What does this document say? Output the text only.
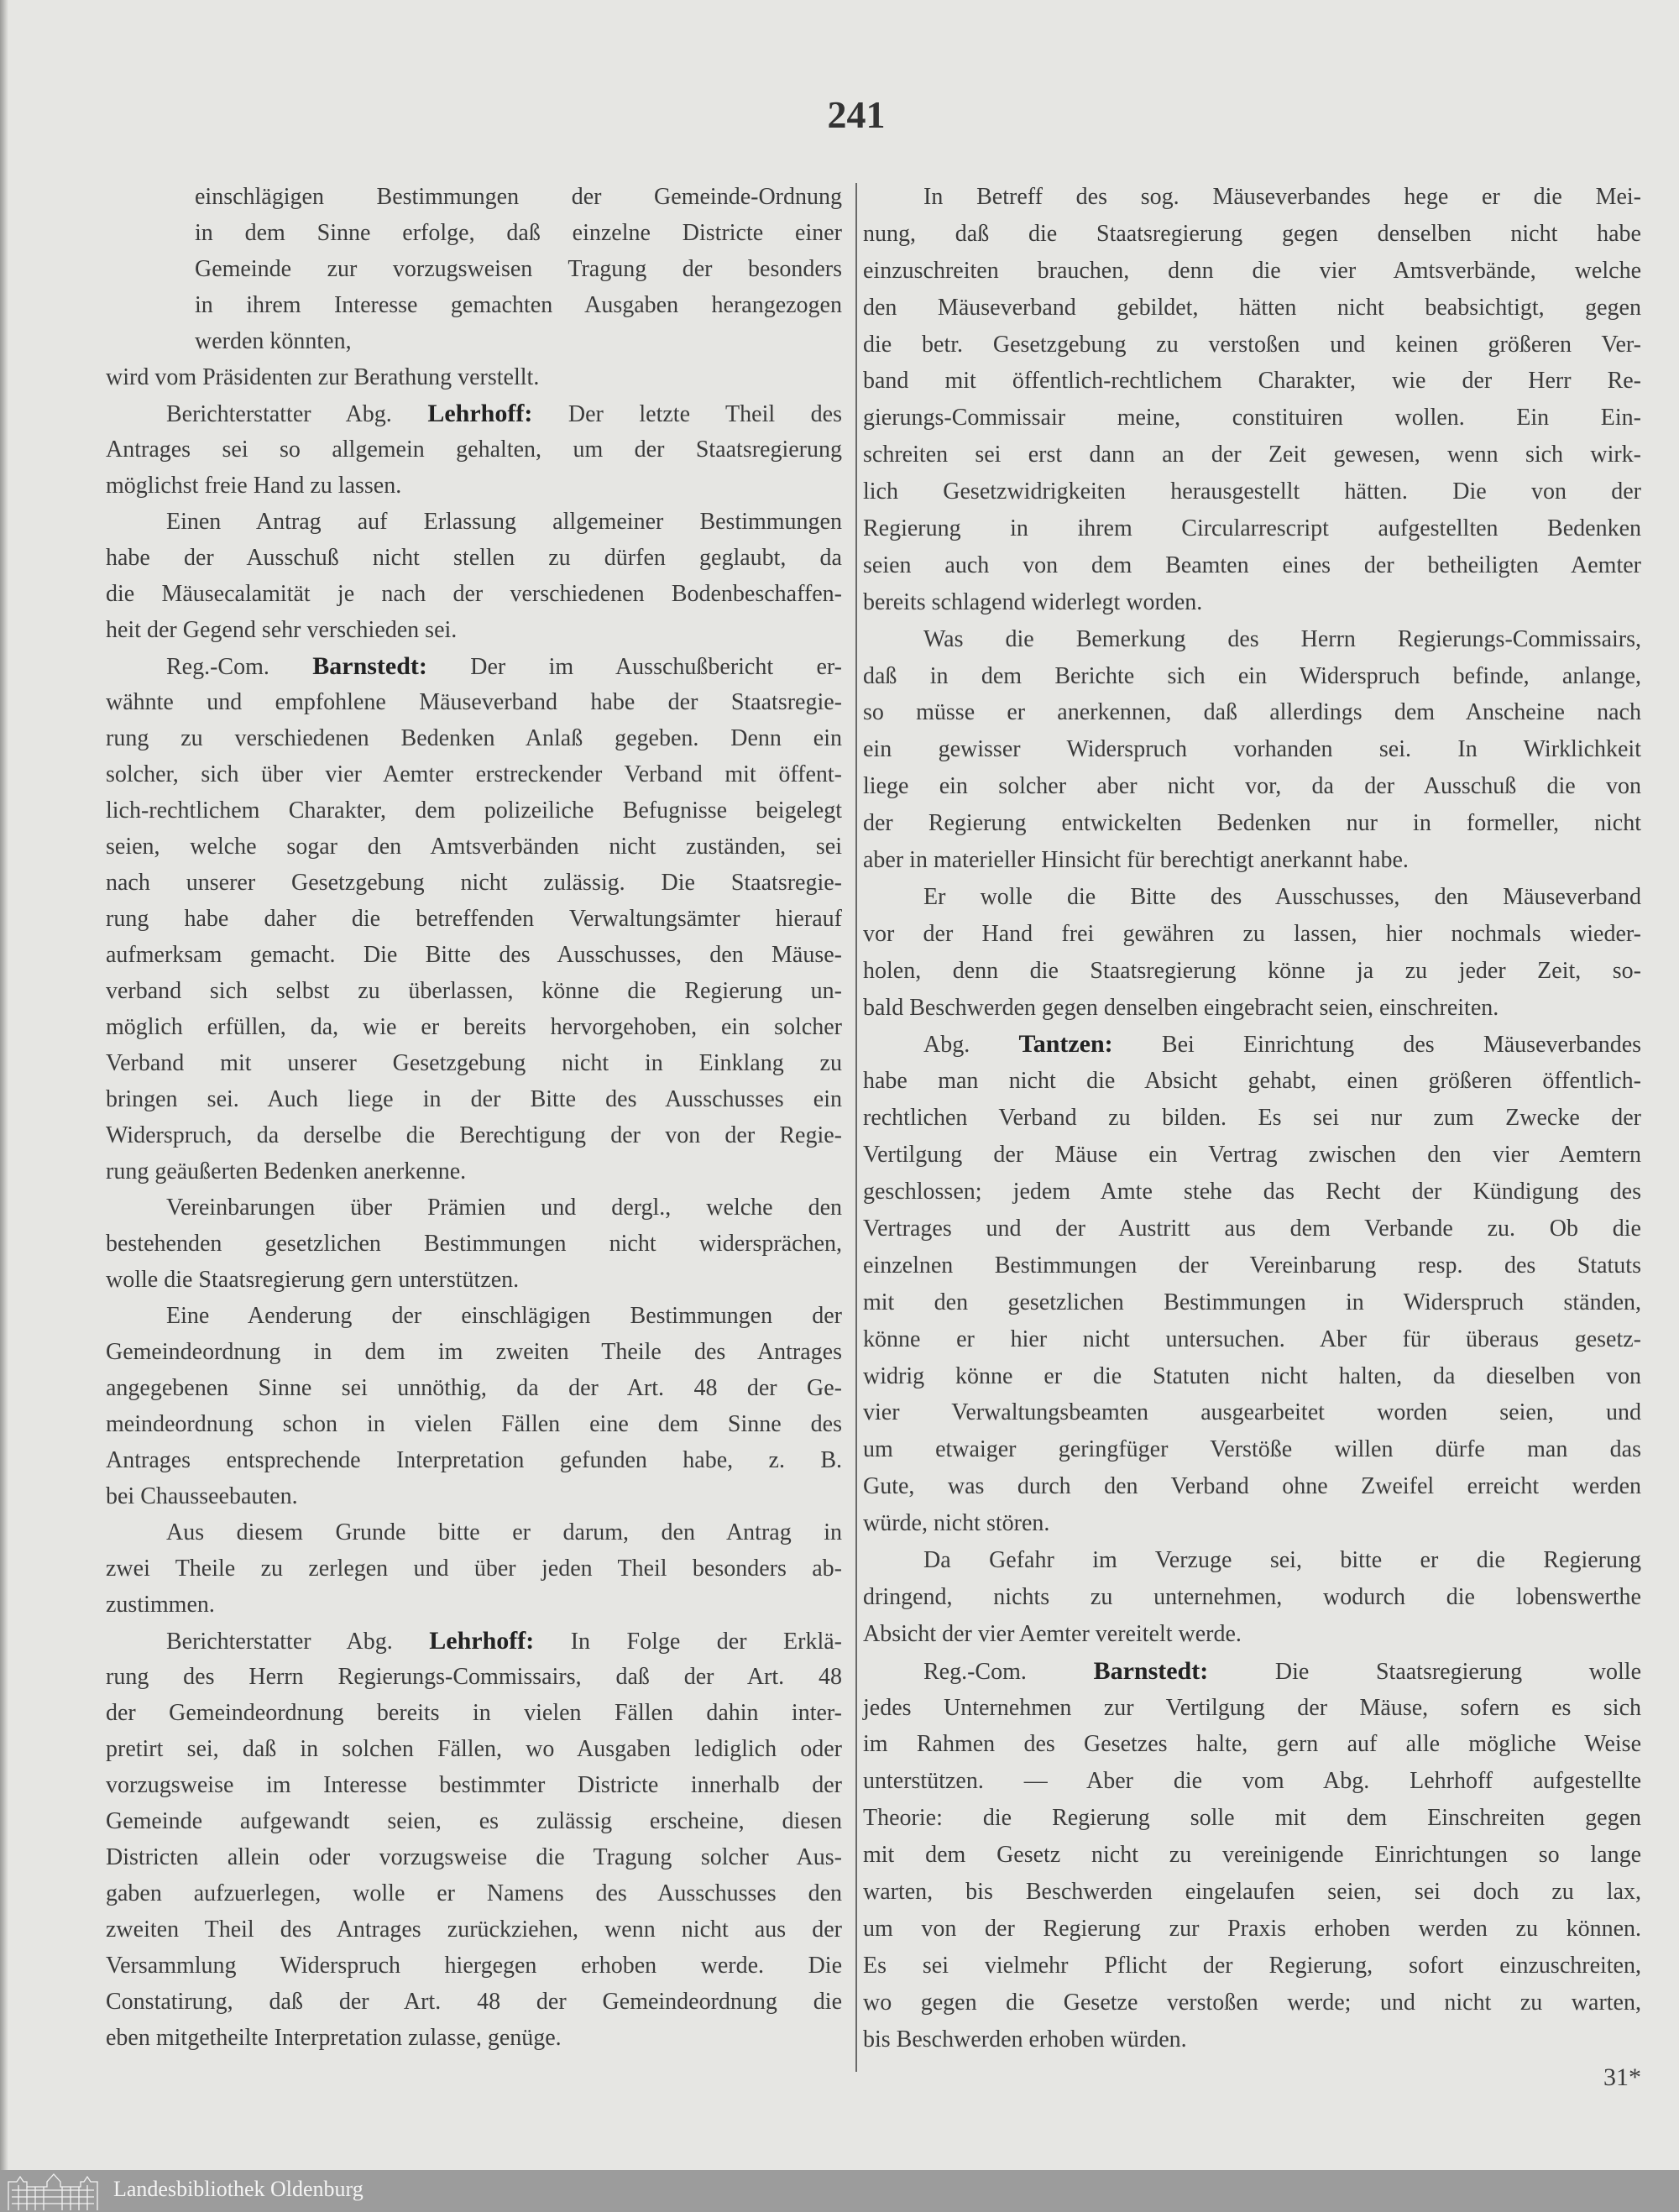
241
einschlägigen Bestimmungen der Gemeinde-Ordnung
in dem Sinne erfolge, daß einzelne Districte einer
Gemeinde zur vorzugsweisen Tragung der besonders
in ihrem Interesse gemachten Ausgaben herangezogen
werden könnten,
wird vom Präsidenten zur Berathung verstellt.
Berichterstatter Abg. Lehrhoff: Der letzte Theil des
Antrages sei so allgemein gehalten, um der Staatsregierung
möglichst freie Hand zu lassen.
Einen Antrag auf Erlassung allgemeiner Bestimmungen
habe der Ausschuß nicht stellen zu dürfen geglaubt, da
die Mäusecalamität je nach der verschiedenen Bodenbeschaffen-
heit der Gegend sehr verschieden sei.
Reg.-Com. Barnstedt: Der im Ausschußbericht er-
wähnte und empfohlene Mäuseverband habe der Staatsregie-
rung zu verschiedenen Bedenken Anlaß gegeben. Denn ein
solcher, sich über vier Aemter erstreckender Verband mit öffent-
lich-rechtlichem Charakter, dem polizeiliche Befugnisse beigelegt
seien, welche sogar den Amtsverbänden nicht zuständen, sei
nach unserer Gesetzgebung nicht zulässig. Die Staatsregie-
rung habe daher die betreffenden Verwaltungsämter hierauf
aufmerksam gemacht. Die Bitte des Ausschusses, den Mäuse-
verband sich selbst zu überlassen, könne die Regierung un-
möglich erfüllen, da, wie er bereits hervorgehoben, ein solcher
Verband mit unserer Gesetzgebung nicht in Einklang zu
bringen sei. Auch liege in der Bitte des Ausschusses ein
Widerspruch, da derselbe die Berechtigung der von der Regie-
rung geäußerten Bedenken anerkenne.
Vereinbarungen über Prämien und dergl., welche den
bestehenden gesetzlichen Bestimmungen nicht widersprächen,
wolle die Staatsregierung gern unterstützen.
Eine Aenderung der einschlägigen Bestimmungen der
Gemeindeordnung in dem im zweiten Theile des Antrages
angegebenen Sinne sei unnöthig, da der Art. 48 der Ge-
meindeordnung schon in vielen Fällen eine dem Sinne des
Antrages entsprechende Interpretation gefunden habe, z. B.
bei Chausseebauten.
Aus diesem Grunde bitte er darum, den Antrag in
zwei Theile zu zerlegen und über jeden Theil besonders ab-
zustimmen.
Berichterstatter Abg. Lehrhoff: In Folge der Erklä-
rung des Herrn Regierungs-Commissairs, daß der Art. 48
der Gemeindeordnung bereits in vielen Fällen dahin inter-
pretirt sei, daß in solchen Fällen, wo Ausgaben lediglich oder
vorzugsweise im Interesse bestimmter Districte innerhalb der
Gemeinde aufgewandt seien, es zulässig erscheine, diesen
Districten allein oder vorzugsweise die Tragung solcher Aus-
gaben aufzuerlegen, wolle er Namens des Ausschusses den
zweiten Theil des Antrages zurückziehen, wenn nicht aus der
Versammlung Widerspruch hiergegen erhoben werde. Die
Constatirung, daß der Art. 48 der Gemeindeordnung die
eben mitgetheilte Interpretation zulasse, genüge.
In Betreff des sog. Mäuseverbandes hege er die Mei-
nung, daß die Staatsregierung gegen denselben nicht habe
einzuschreiten brauchen, denn die vier Amtsverbände, welche
den Mäuseverband gebildet, hätten nicht beabsichtigt, gegen
die betr. Gesetzgebung zu verstoßen und keinen größeren Ver-
band mit öffentlich-rechtlichem Charakter, wie der Herr Re-
gierungs-Commissair meine, constituiren wollen. Ein Ein-
schreiten sei erst dann an der Zeit gewesen, wenn sich wirk-
lich Gesetzwidrigkeiten herausgestellt hätten. Die von der
Regierung in ihrem Circularrescript aufgestellten Bedenken
seien auch von dem Beamten eines der betheiligten Aemter
bereits schlagend widerlegt worden.
Was die Bemerkung des Herrn Regierungs-Commissairs,
daß in dem Berichte sich ein Widerspruch befinde, anlange,
so müsse er anerkennen, daß allerdings dem Anscheine nach
ein gewisser Widerspruch vorhanden sei. In Wirklichkeit
liege ein solcher aber nicht vor, da der Ausschuß die von
der Regierung entwickelten Bedenken nur in formeller, nicht
aber in materieller Hinsicht für berechtigt anerkannt habe.
Er wolle die Bitte des Ausschusses, den Mäuseverband
vor der Hand frei gewähren zu lassen, hier nochmals wieder-
holen, denn die Staatsregierung könne ja zu jeder Zeit, so-
bald Beschwerden gegen denselben eingebracht seien, einschreiten.
Abg. Tantzen: Bei Einrichtung des Mäuseverbandes
habe man nicht die Absicht gehabt, einen größeren öffentlich-
rechtlichen Verband zu bilden. Es sei nur zum Zwecke der
Vertilgung der Mäuse ein Vertrag zwischen den vier Aemtern
geschlossen; jedem Amte stehe das Recht der Kündigung des
Vertrages und der Austritt aus dem Verbande zu. Ob die
einzelnen Bestimmungen der Vereinbarung resp. des Statuts
mit den gesetzlichen Bestimmungen in Widerspruch ständen,
könne er hier nicht untersuchen. Aber für überaus gesetz-
widrig könne er die Statuten nicht halten, da dieselben von
vier Verwaltungsbeamten ausgearbeitet worden seien, und
um etwaiger geringfüger Verstöße willen dürfe man das
Gute, was durch den Verband ohne Zweifel erreicht werden
würde, nicht stören.
Da Gefahr im Verzuge sei, bitte er die Regierung
dringend, nichts zu unternehmen, wodurch die lobenswerthe
Absicht der vier Aemter vereitelt werde.
Reg.-Com.	Barnstedt:	Die Staatsregierung wolle
jedes Unternehmen zur Vertilgung der Mäuse, sofern es sich
im Rahmen des Gesetzes halte, gern auf alle mögliche Weise
unterstützen. — Aber die vom Abg. Lehrhoff aufgestellte
Theorie: die Regierung solle mit dem Einschreiten gegen
mit dem Gesetz nicht zu vereinigende Einrichtungen so lange
warten, bis Beschwerden eingelaufen seien, sei doch zu lax,
um von der Regierung zur Praxis erhoben werden zu können.
Es sei vielmehr Pflicht der Regierung, sofort einzuschreiten,
wo gegen die Gesetze verstoßen werde; und nicht zu warten,
bis Beschwerden erhoben würden.
31*
Landesbibliothek Oldenburg
